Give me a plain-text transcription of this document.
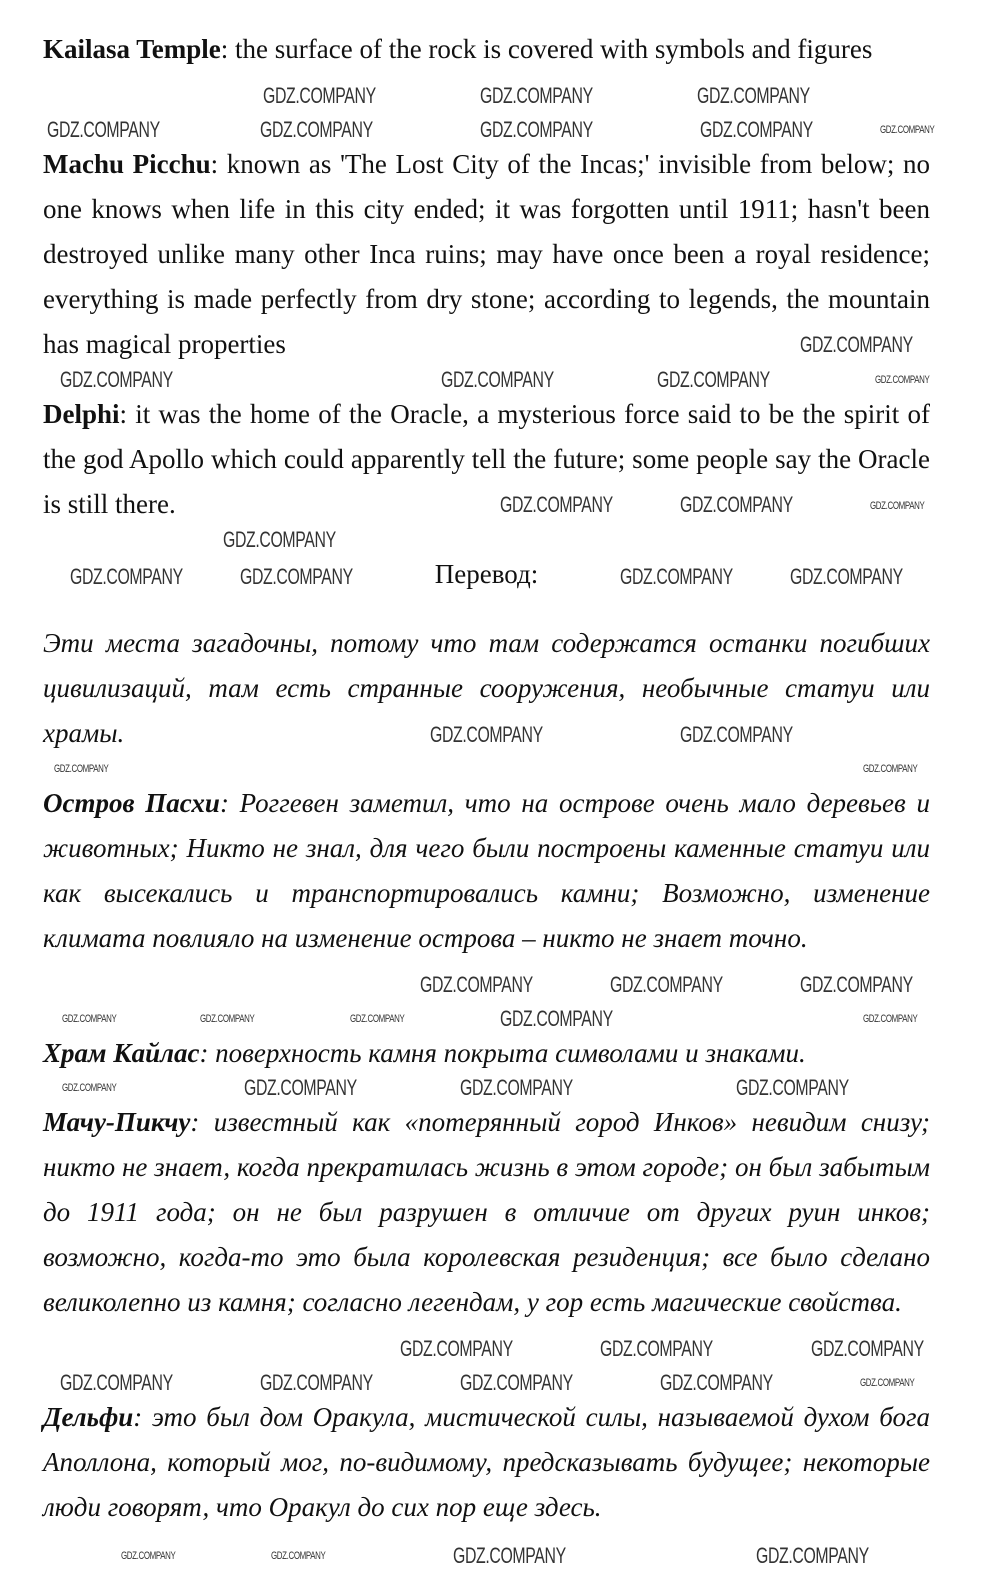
Kailasa Temple: the surface of the rock is covered with symbols and figures
Machu Picchu: known as 'The Lost City of the Incas;' invisible from below; no one knows when life in this city ended; it was forgotten until 1911; hasn't been destroyed unlike many other Inca ruins; may have once been a royal residence; everything is made perfectly from dry stone; according to legends, the mountain has magical properties
Delphi: it was the home of the Oracle, a mysterious force said to be the spirit of the god Apollo which could apparently tell the future; some people say the Oracle is still there.
Перевод:
Эти места загадочны, потому что там содержатся останки погибших цивилизаций, там есть странные сооружения, необычные статуи или храмы.
Остров Пасхи: Роггевен заметил, что на острове очень мало деревьев и животных; Никто не знал, для чего были построены каменные статуи или как высекались и транспортировались камни; Возможно, изменение климата повлияло на изменение острова – никто не знает точно.
Храм Кайлас: поверхность камня покрыта символами и знаками.
Мачу-Пикчу: известный как «потерянный город Инков» невидим снизу; никто не знает, когда прекратилась жизнь в этом городе; он был забытым до 1911 года; он не был разрушен в отличие от других руин инков; возможно, когда-то это была королевская резиденция; все было сделано великолепно из камня; согласно легендам, у гор есть магические свойства.
Дельфи: это был дом Оракула, мистической силы, называемой духом бога Аполлона, который мог, по-видимому, предсказывать будущее; некоторые люди говорят, что Оракул до сих пор еще здесь.
GDZ.COMPANY	GDZ.COMPANY	GDZ.COMPANY
GDZ.COMPANY	GDZ.COMPANY	GDZ.COMPANY	GDZ.COMPANY	GDZ.COMPANY
GDZ.COMPANY
GDZ.COMPANY	GDZ.COMPANY	GDZ.COMPANY	GDZ.COMPANY
GDZ.COMPANY	GDZ.COMPANY	GDZ.COMPANY
GDZ.COMPANY
GDZ.COMPANY	GDZ.COMPANY	GDZ.COMPANY	GDZ.COMPANY
GDZ.COMPANY	GDZ.COMPANY
GDZ.COMPANY	GDZ.COMPANY
GDZ.COMPANY	GDZ.COMPANY	GDZ.COMPANY
GDZ.COMPANY
GDZ.COMPANY	GDZ.COMPANY	GDZ.COMPANY	GDZ.COMPANY
GDZ.COMPANY	GDZ.COMPANY	GDZ.COMPANY
GDZ.COMPANY
GDZ.COMPANY	GDZ.COMPANY	GDZ.COMPANY
GDZ.COMPANY	GDZ.COMPANY	GDZ.COMPANY	GDZ.COMPANY	GDZ.COMPANY
GDZ.COMPANY	GDZ.COMPANY	GDZ.COMPANY	GDZ.COMPANY
